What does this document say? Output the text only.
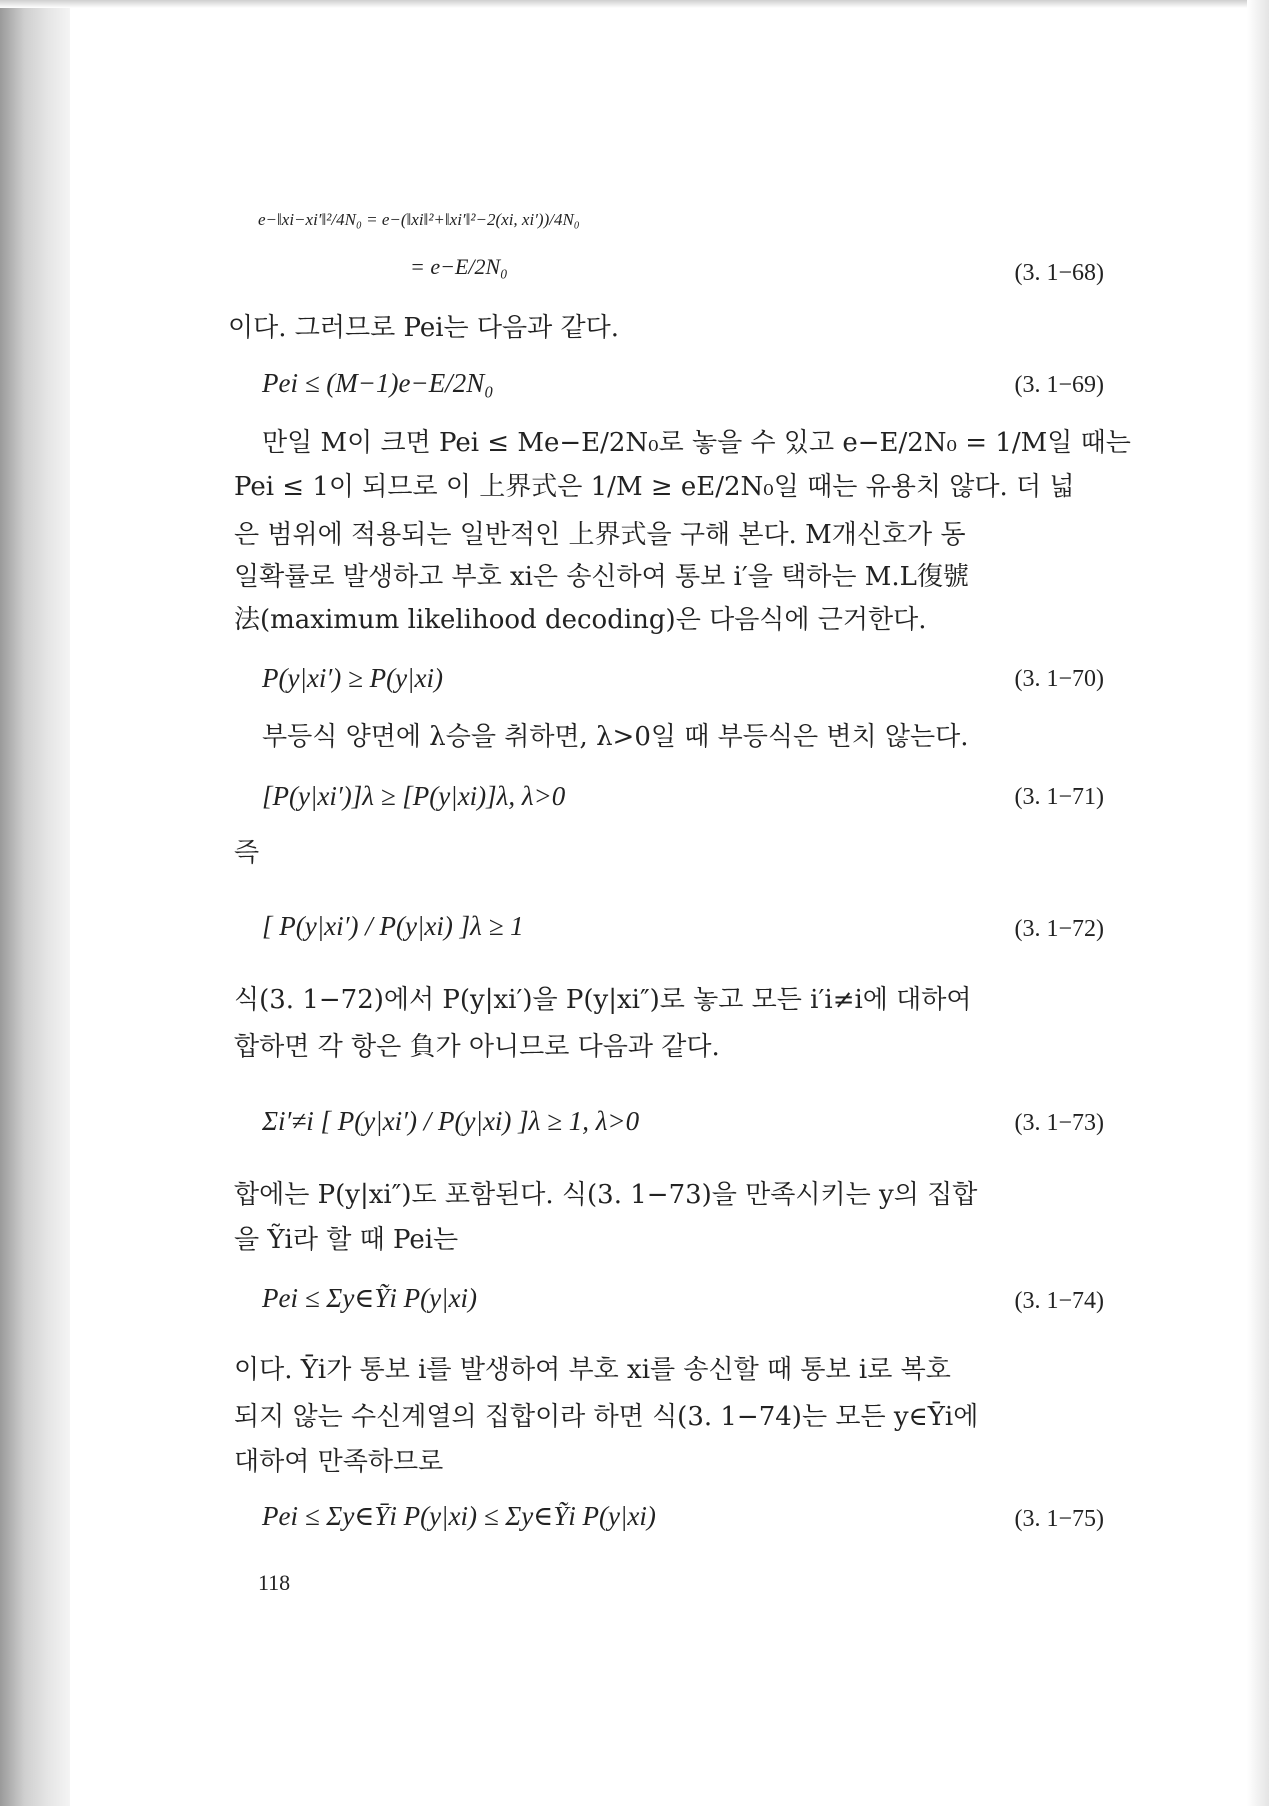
e−‖xi−xi′‖²/4N₀ = e−(‖xi‖²+‖xi′‖²−2(xi, xi′))/4N₀
= e−E/2N₀	(3. 1−68)
이다. 그러므로 Pei는 다음과 같다.
Pei ≤ (M−1)e−E/2N₀	(3. 1−69)
만일 M이 크면 Pei ≤ Me−E/2N₀로 놓을 수 있고 e−E/2N₀ = 1/M일 때는
Pei ≤ 1이 되므로 이 上界式은 1/M ≥ eE/2N₀일 때는 유용치 않다. 더 넓
은 범위에 적용되는 일반적인 上界式을 구해 본다. M개신호가 동
일확률로 발생하고 부호 xi은 송신하여 통보 i′을 택하는 M.L復號
法(maximum likelihood decoding)은 다음식에 근거한다.
P(y|xi′) ≥ P(y|xi)	(3. 1−70)
부등식 양면에 λ승을 취하면, λ>0일 때 부등식은 변치 않는다.
[P(y|xi′)]λ ≥ [P(y|xi)]λ, λ>0	(3. 1−71)
즉
[ P(y|xi′) / P(y|xi) ]λ ≥ 1	(3. 1−72)
식(3. 1−72)에서 P(y|xi′)을 P(y|xi″)로 놓고 모든 i′i≠i에 대하여
합하면 각 항은 負가 아니므로 다음과 같다.
Σi′≠i [ P(y|xi′) / P(y|xi) ]λ ≥ 1, λ>0	(3. 1−73)
합에는 P(y|xi″)도 포함된다. 식(3. 1−73)을 만족시키는 y의 집합
을 Ỹi라 할 때 Pei는
Pei ≤ Σy∈Ỹi P(y|xi)	(3. 1−74)
이다. Ȳi가 통보 i를 발생하여 부호 xi를 송신할 때 통보 i로 복호
되지 않는 수신계열의 집합이라 하면 식(3. 1−74)는 모든 y∈Ȳi에
대하여 만족하므로
Pei ≤ Σy∈Ȳi P(y|xi) ≤ Σy∈Ỹi P(y|xi)	(3. 1−75)
118
